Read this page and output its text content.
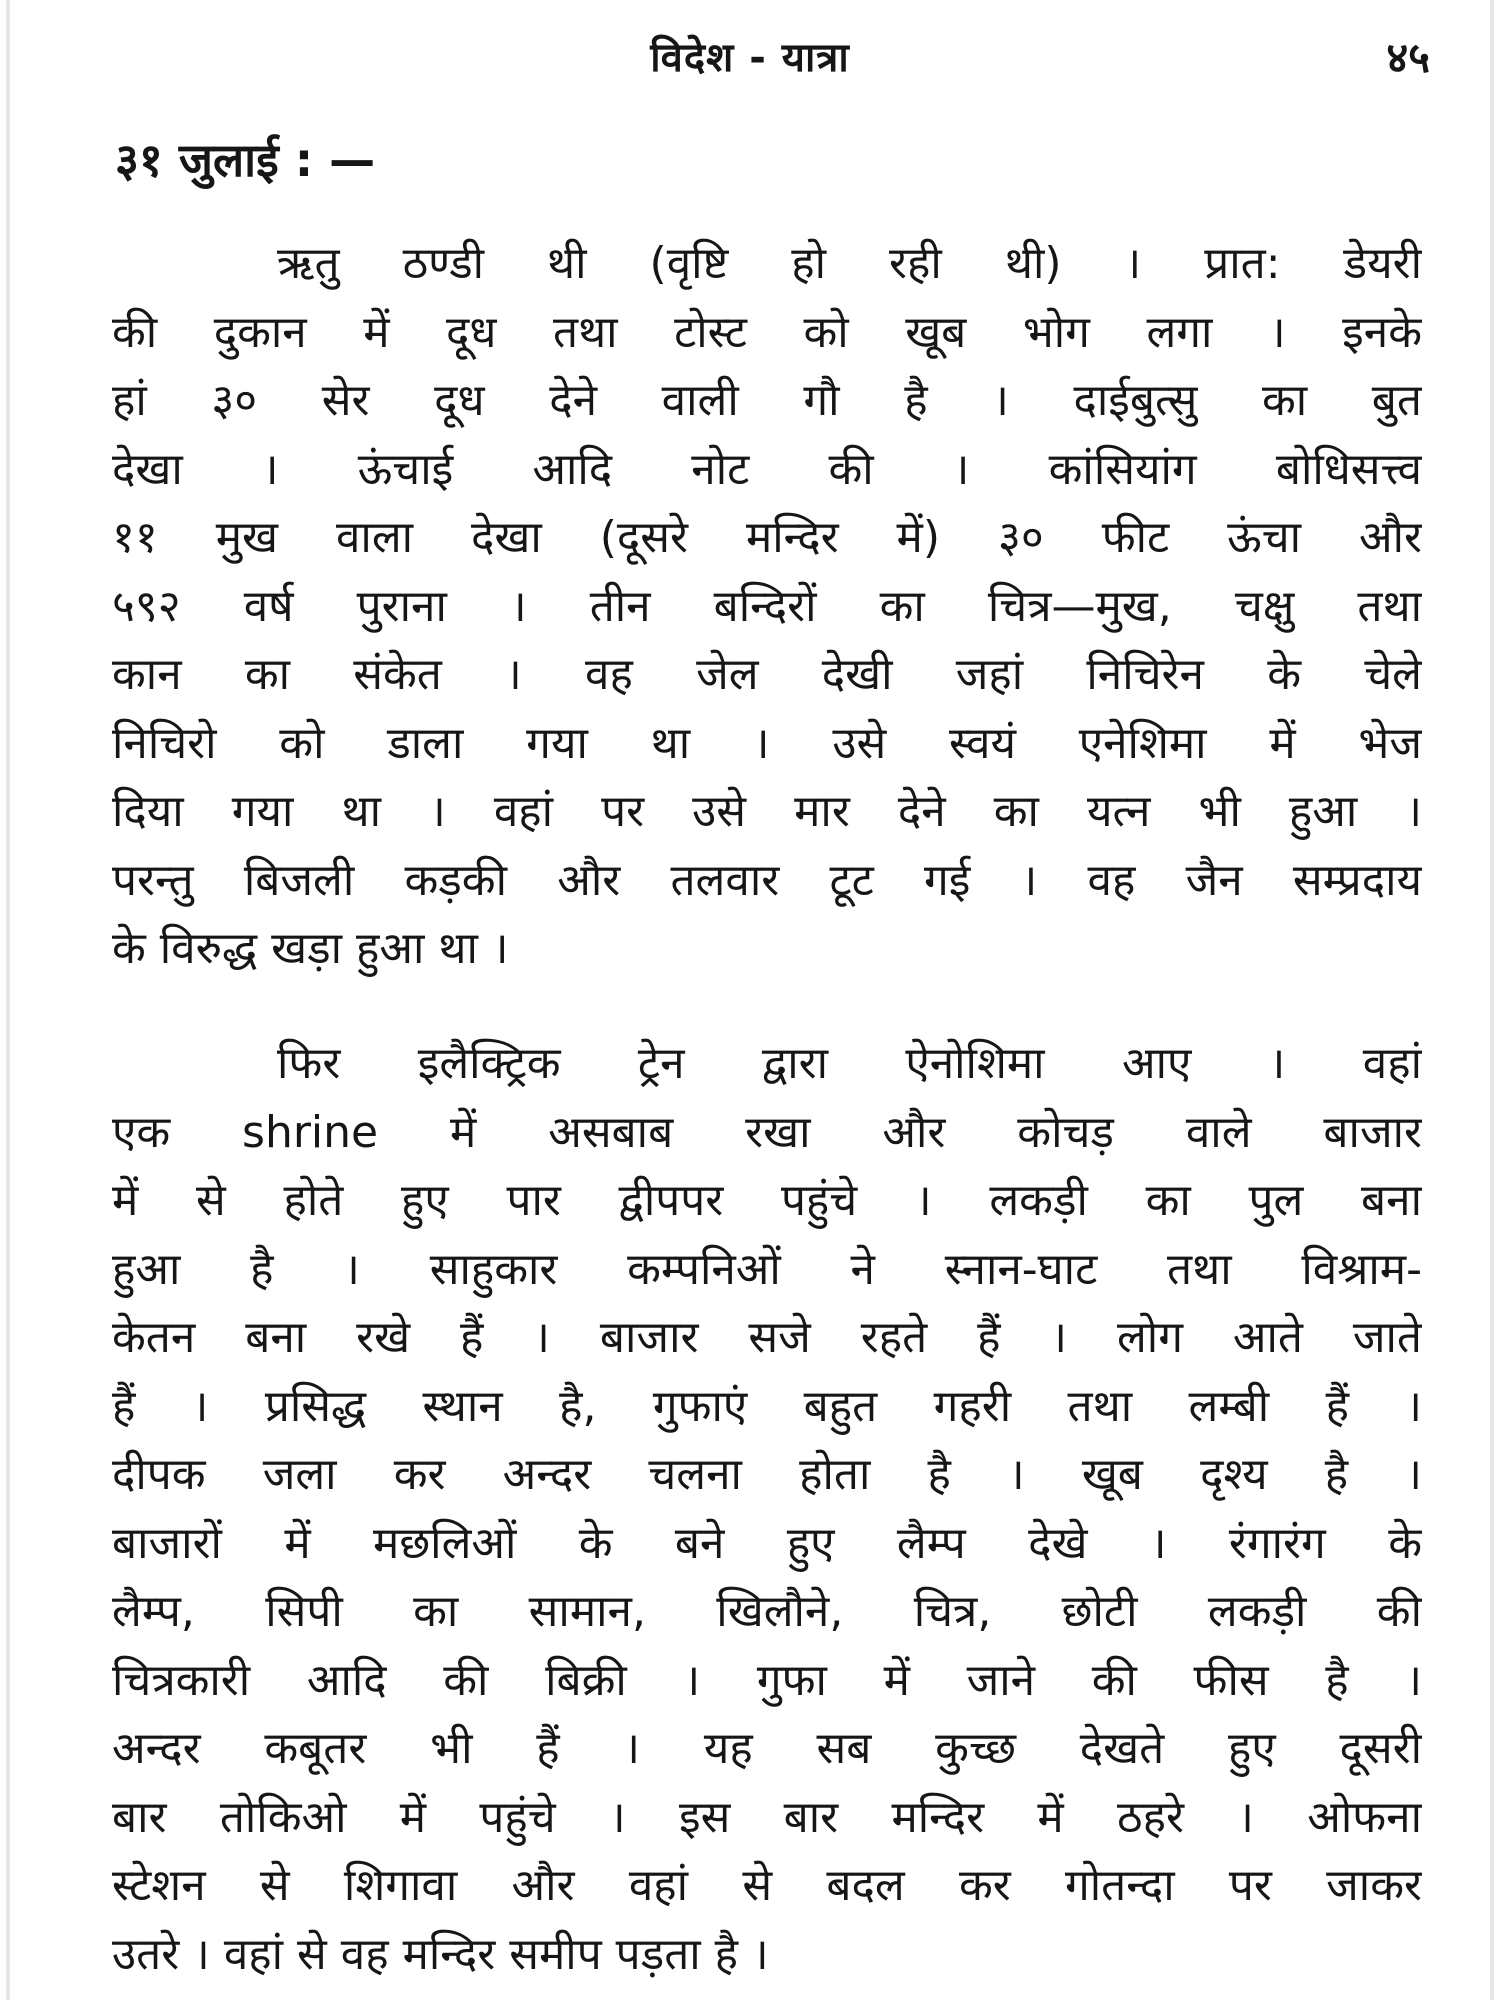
विदेश - यात्रा	४५
३१ जुलाई : —
ऋतु ठण्डी थी (वृष्टि हो रही थी) । प्रात: डेयरी
की दुकान में दूध तथा टोस्ट को खूब भोग लगा । इनके
हां ३० सेर दूध देने वाली गौ है । दाईबुत्सु का बुत
देखा । ऊंचाई आदि नोट की । कांसियांग बोधिसत्त्व
११ मुख वाला देखा (दूसरे मन्दिर में) ३० फीट ऊंचा और
५९२ वर्ष पुराना । तीन बन्दिरों का चित्र—मुख, चक्षु तथा
कान का संकेत । वह जेल देखी जहां निचिरेन के चेले
निचिरो को डाला गया था । उसे स्वयं एनेशिमा में भेज
दिया गया था । वहां पर उसे मार देने का यत्न भी हुआ ।
परन्तु बिजली कड़की और तलवार टूट गई । वह जैन सम्प्रदाय
के विरुद्ध खड़ा हुआ था ।
फिर इलैक्ट्रिक ट्रेन द्वारा ऐनोशिमा आए । वहां
एक shrine में असबाब रखा और कोचड़ वाले बाजार
में से होते हुए पार द्वीपपर पहुंचे । लकड़ी का पुल बना
हुआ है । साहुकार कम्पनिओं ने स्नान-घाट तथा विश्राम-
केतन बना रखे हैं । बाजार सजे रहते हैं । लोग आते जाते
हैं । प्रसिद्ध स्थान है, गुफाएं बहुत गहरी तथा लम्बी हैं ।
दीपक जला कर अन्दर चलना होता है । खूब दृश्य है ।
बाजारों में मछलिओं के बने हुए लैम्प देखे । रंगारंग के
लैम्प, सिपी का सामान, खिलौने, चित्र, छोटी लकड़ी की
चित्रकारी आदि की बिक्री । गुफा में जाने की फीस है ।
अन्दर कबूतर भी हैं । यह सब कुच्छ देखते हुए दूसरी
बार तोकिओ में पहुंचे । इस बार मन्दिर में ठहरे । ओफना
स्टेशन से शिगावा और वहां से बदल कर गोतन्दा पर जाकर
उतरे । वहां से वह मन्दिर समीप पड़ता है ।
